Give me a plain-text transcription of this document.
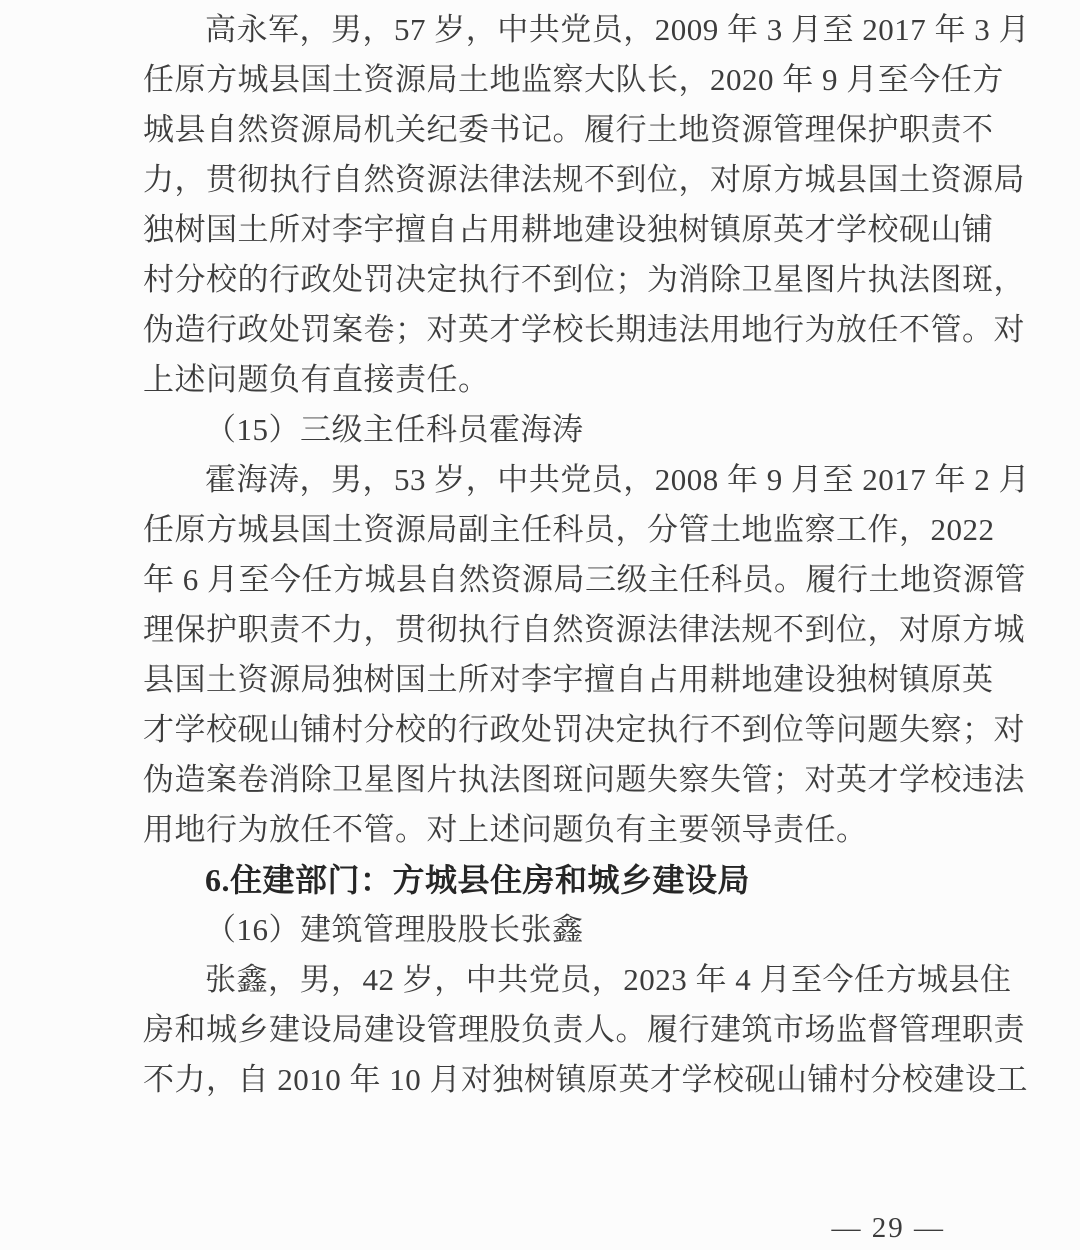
高永军，男，57 岁，中共党员，2009 年 3 月至 2017 年 3 月
任原方城县国土资源局土地监察大队长，2020 年 9 月至今任方
城县自然资源局机关纪委书记。履行土地资源管理保护职责不
力，贯彻执行自然资源法律法规不到位，对原方城县国土资源局
独树国土所对李宇擅自占用耕地建设独树镇原英才学校砚山铺
村分校的行政处罚决定执行不到位；为消除卫星图片执法图斑，
伪造行政处罚案卷；对英才学校长期违法用地行为放任不管。对
上述问题负有直接责任。
（15）三级主任科员霍海涛
霍海涛，男，53 岁，中共党员，2008 年 9 月至 2017 年 2 月
任原方城县国土资源局副主任科员，分管土地监察工作，2022
年 6 月至今任方城县自然资源局三级主任科员。履行土地资源管
理保护职责不力，贯彻执行自然资源法律法规不到位，对原方城
县国土资源局独树国土所对李宇擅自占用耕地建设独树镇原英
才学校砚山铺村分校的行政处罚决定执行不到位等问题失察；对
伪造案卷消除卫星图片执法图斑问题失察失管；对英才学校违法
用地行为放任不管。对上述问题负有主要领导责任。
6.住建部门：方城县住房和城乡建设局
（16）建筑管理股股长张鑫
张鑫，男，42 岁，中共党员，2023 年 4 月至今任方城县住
房和城乡建设局建设管理股负责人。履行建筑市场监督管理职责
不力，自 2010 年 10 月对独树镇原英才学校砚山铺村分校建设工
— 29 —
